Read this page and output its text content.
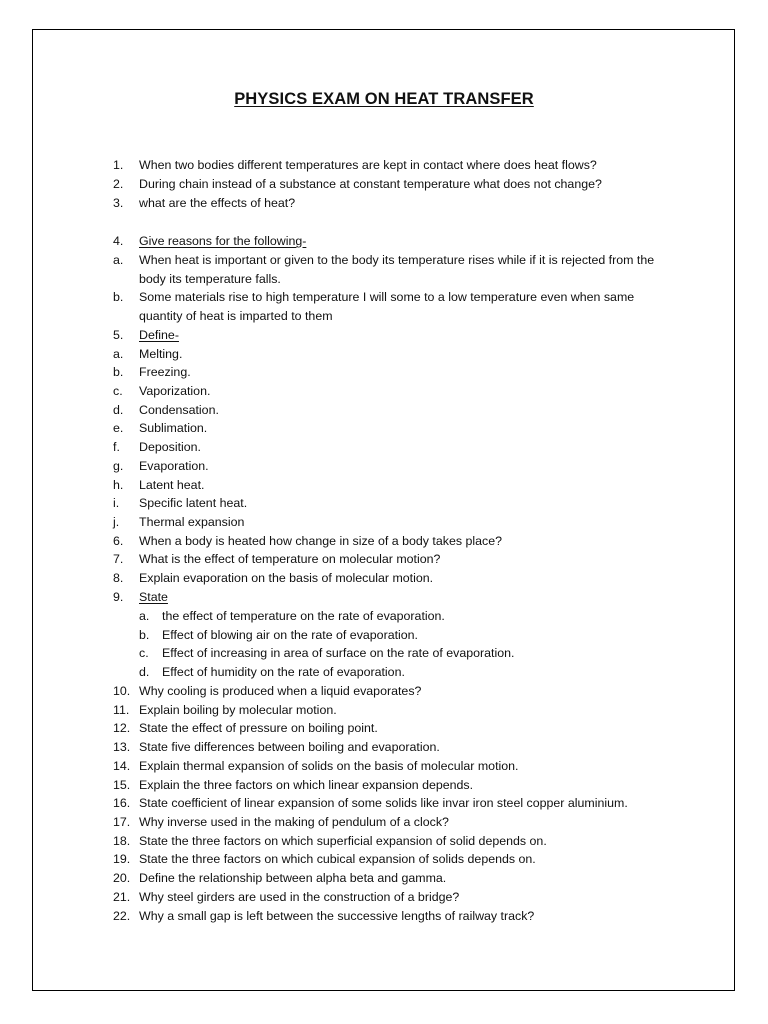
PHYSICS EXAM ON HEAT TRANSFER
1.	When two bodies different temperatures are kept in contact where does heat flows?
2.	During chain instead of a substance at constant temperature what does not change?
3.	what are the effects of heat?
4.	Give reasons for the following-
a.	When heat is important or given to the body its temperature rises while if it is rejected from the body its temperature falls.
b.	Some materials rise to high temperature I will some to a low temperature even when same quantity of heat is imparted to them
5.	Define-
a.	Melting.
b.	Freezing.
c.	Vaporization.
d.	Condensation.
e.	Sublimation.
f.	Deposition.
g.	Evaporation.
h.	Latent heat.
i.	Specific latent heat.
j.	Thermal expansion
6.	When a body is heated how change in size of a body takes place?
7.	What is the effect of temperature on molecular motion?
8.	Explain evaporation on the basis of molecular motion.
9.	State
a.	the effect of temperature on the rate of evaporation.
b.	Effect of blowing air on the rate of evaporation.
c.	Effect of increasing in area of surface on the rate of evaporation.
d.	Effect of humidity on the rate of evaporation.
10. Why cooling is produced when a liquid evaporates?
11. Explain boiling by molecular motion.
12. State the effect of pressure on boiling point.
13. State five differences between boiling and evaporation.
14. Explain thermal expansion of solids on the basis of molecular motion.
15. Explain the three factors on which linear expansion depends.
16. State coefficient of linear expansion of some solids like invar iron steel copper aluminium.
17. Why inverse used in the making of pendulum of a clock?
18. State the three factors on which superficial expansion of solid depends on.
19. State the three factors on which cubical expansion of solids depends on.
20. Define the relationship between alpha beta and gamma.
21. Why steel girders are used in the construction of a bridge?
22. Why a small gap is left between the successive lengths of railway track?
